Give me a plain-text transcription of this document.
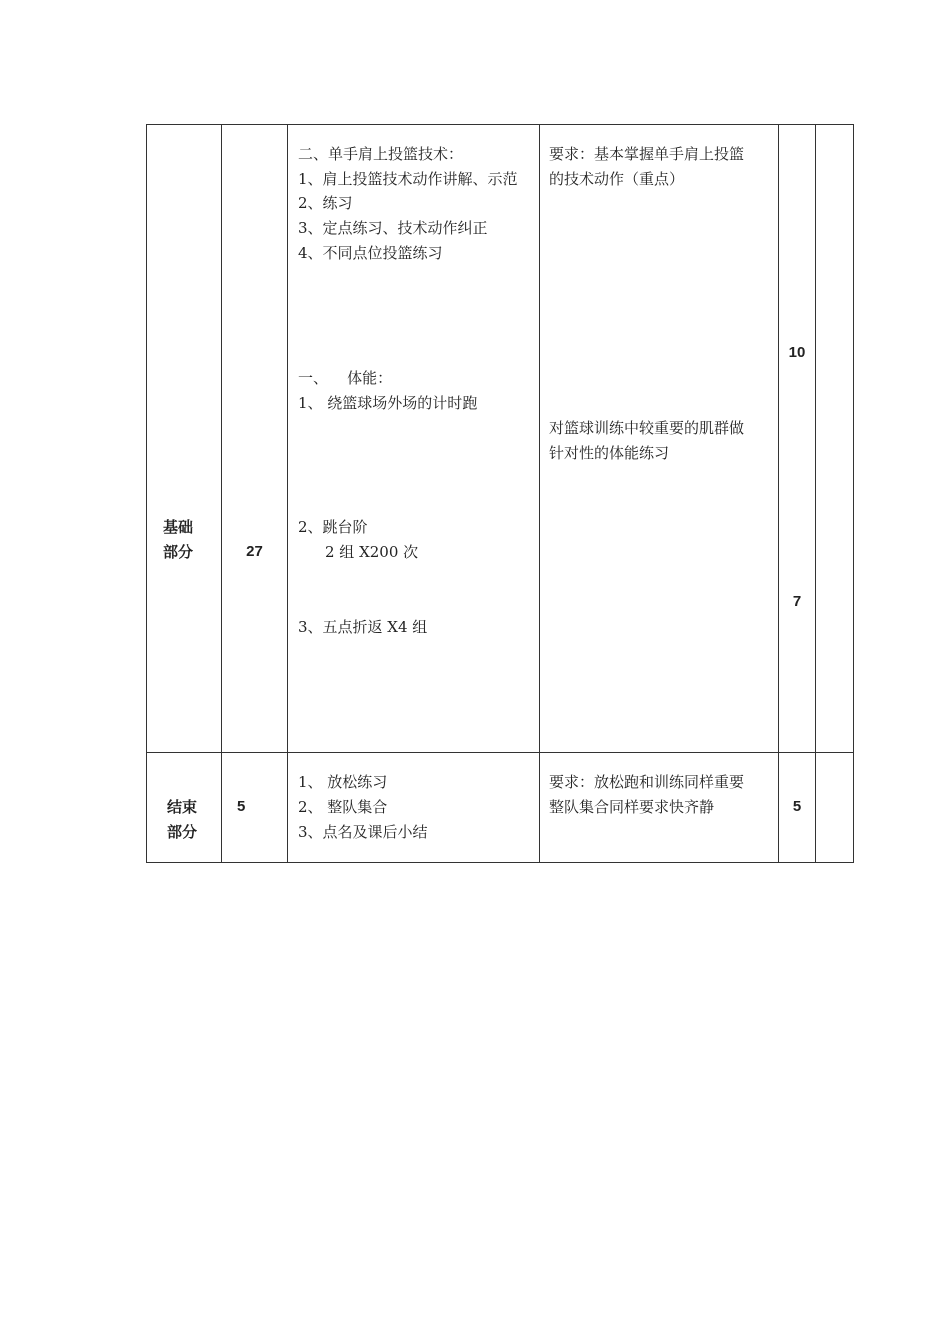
基础
部分	27
二、单手肩上投篮技术：
1、肩上投篮技术动作讲解、示范
2、练习
3、定点练习、技术动作纠正
4、不同点位投篮练习
一、    体能：
1、 绕篮球场外场的计时跑
2、跳台阶
2 组 X200 次
3、五点折返 X4 组
要求：基本掌握单手肩上投篮
的技术动作（重点）
对篮球训练中较重要的肌群做
针对性的体能练习
10
7
结束
部分
5
1、 放松练习
2、 整队集合
3、点名及课后小结
要求：放松跑和训练同样重要
整队集合同样要求快齐静	5
